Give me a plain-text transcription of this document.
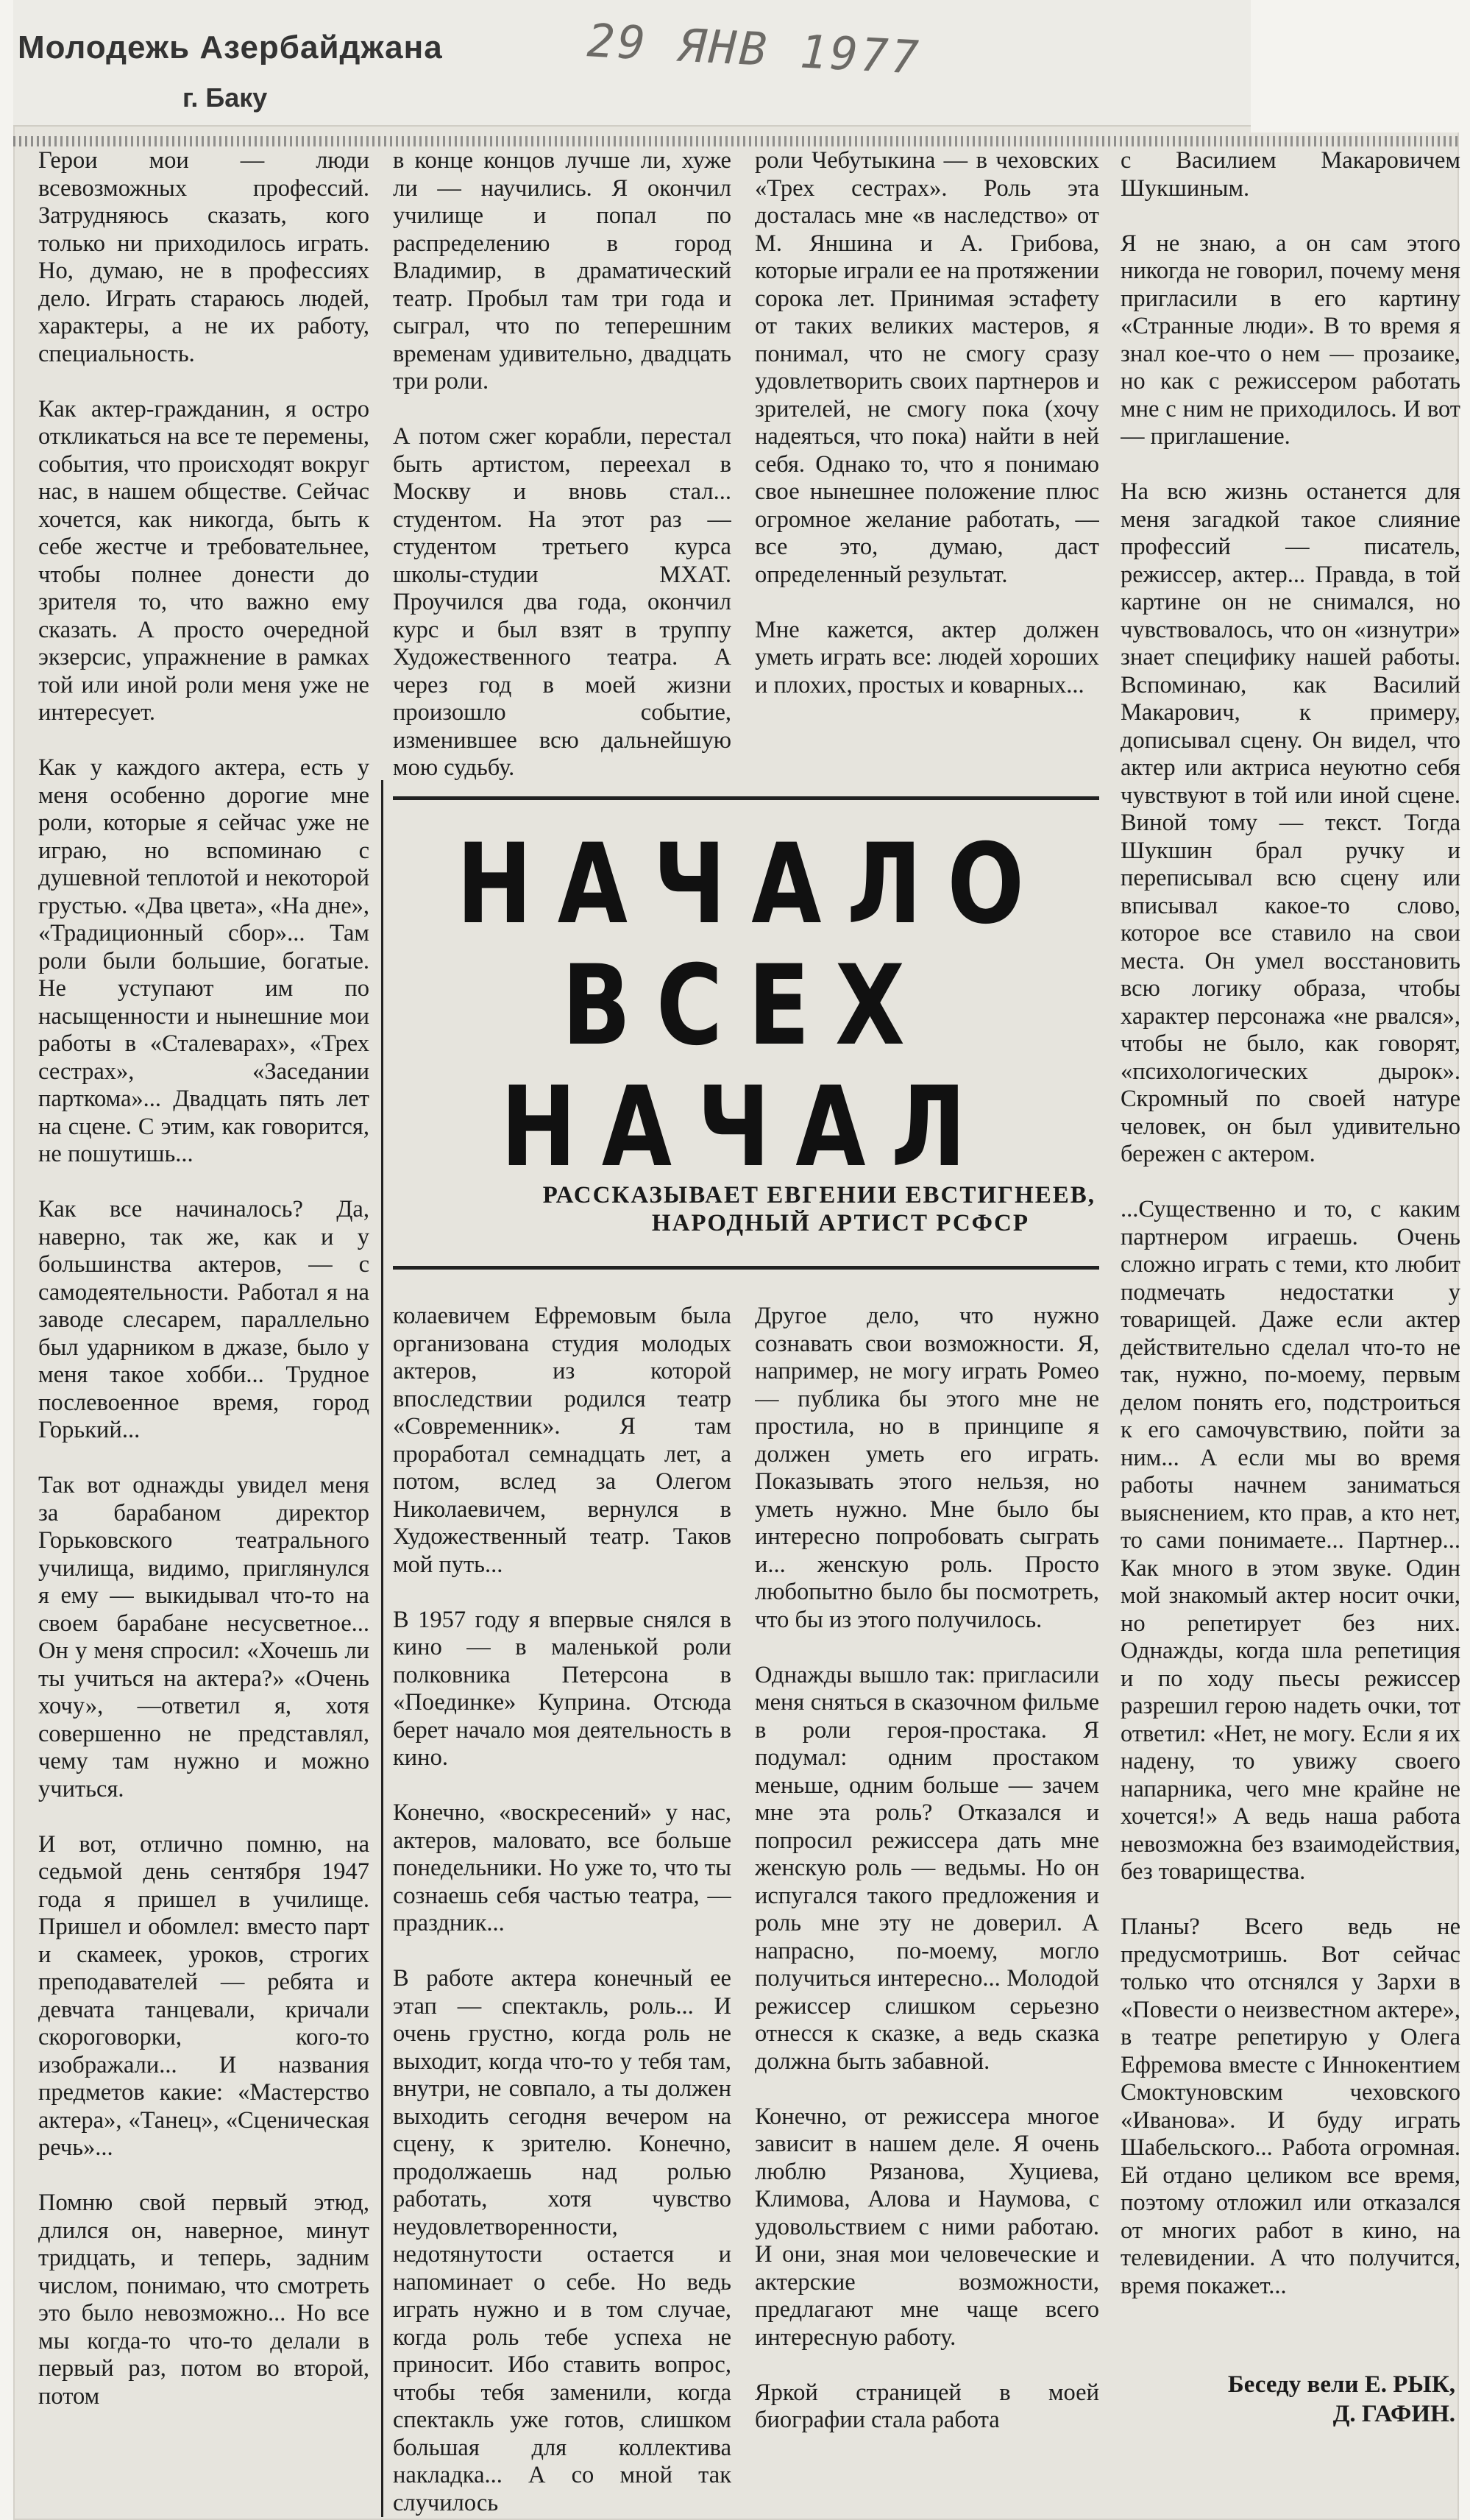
Молодежь Азербайджана
г. Баку
29 ЯНВ 1977
Герои мои — люди всевозможных профессий. Затрудняюсь сказать, кого только ни приходилось играть. Но, думаю, не в профессиях дело. Играть стараюсь людей, характеры, а не их работу, специальность.

Как актер-гражданин, я остро откликаться на все те перемены, события, что происходят вокруг нас, в нашем обществе. Сейчас хочется, как никогда, быть к себе жестче и требовательнее, чтобы полнее донести до зрителя то, что важно ему сказать. А просто очередной экзерсис, упражнение в рамках той или иной роли меня уже не интересует.

Как у каждого актера, есть у меня особенно дорогие мне роли, которые я сейчас уже не играю, но вспоминаю с душевной теплотой и некоторой грустью. «Два цвета», «На дне», «Традиционный сбор»... Там роли были большие, богатые. Не уступают им по насыщенности и нынешние мои работы в «Сталеварах», «Трех сестрах», «Заседании парткома»... Двадцать пять лет на сцене. С этим, как говорится, не пошутишь...

Как все начиналось? Да, наверно, так же, как и у большинства актеров, — с самодеятельности. Работал я на заводе слесарем, параллельно был ударником в джазе, было у меня такое хобби... Трудное послевоенное время, город Горький...

Так вот однажды увидел меня за барабаном директор Горьковского театрального училища, видимо, приглянулся я ему — выкидывал что-то на своем барабане несусветное... Он у меня спросил: «Хочешь ли ты учиться на актера?» «Очень хочу», —ответил я, хотя совершенно не представлял, чему там нужно и можно учиться.

И вот, отлично помню, на седьмой день сентября 1947 года я пришел в училище. Пришел и обомлел: вместо парт и скамеек, уроков, строгих преподавателей — ребята и девчата танцевали, кричали скороговорки, кого-то изображали... И названия предметов какие: «Мастерство актера», «Танец», «Сценическая речь»...

Помню свой первый этюд, длился он, наверное, минут тридцать, и теперь, задним числом, понимаю, что смотреть это было невозможно... Но все мы когда-то что-то делали в первый раз, потом во второй, потом
в конце концов лучше ли, хуже ли — научились. Я окончил училище и попал по распределению в город Владимир, в драматический театр. Пробыл там три года и сыграл, что по теперешним временам удивительно, двадцать три роли.

А потом сжег корабли, перестал быть артистом, переехал в Москву и вновь стал... студентом. На этот раз — студентом третьего курса школы-студии МХАТ. Проучился два года, окончил курс и был взят в труппу Художественного театра. А через год в моей жизни произошло событие, изменившее всю дальнейшую мою судьбу.

роли Чебутыкина — в чеховских «Трех сестрах». Роль эта досталась мне «в наследство» от М. Яншина и А. Грибова, которые играли ее на протяжении сорока лет. Принимая эстафету от таких великих мастеров, я понимал, что не смогу сразу удовлетворить своих партнеров и зрителей, не смогу пока (хочу надеяться, что пока) найти в ней себя. Однако то, что я понимаю свое нынешнее положение плюс огромное желание работать, — все это, думаю, даст определенный результат.

Мне кажется, актер должен уметь играть все: людей хороших и плохих, простых и коварных...
с Василием Макаровичем Шукшиным.

Я не знаю, а он сам этого никогда не говорил, почему меня пригласили в его картину «Странные люди». В то время я знал кое-что о нем — прозаике, но как с режиссером работать мне с ним не приходилось. И вот — приглашение.

На всю жизнь останется для меня загадкой такое слияние профессий — писатель, режиссер, актер... Правда, в той картине он не снимался, но чувствовалось, что он «изнутри» знает специфику нашей работы. Вспоминаю, как Василий Макарович, к примеру, дописывал сцену. Он видел, что актер или актриса неуютно себя чувствуют в той или иной сцене. Виной тому — текст. Тогда Шукшин брал ручку и переписывал всю сцену или вписывал какое-то слово, которое все ставило на свои места. Он умел восстановить всю логику образа, чтобы характер персонажа «не рвался», чтобы не было, как говорят, «психологических дырок». Скромный по своей натуре человек, он был удивительно бережен с актером.

...Существенно и то, с каким партнером играешь. Очень сложно играть с теми, кто любит подмечать недостатки у товарищей. Даже если актер действительно сделал что-то не так, нужно, по-моему, первым делом понять его, подстроиться к его самочувствию, пойти за ним... А если мы во время работы начнем заниматься выяснением, кто прав, а кто нет, то сами понимаете... Партнер... Как много в этом звуке. Один мой знакомый актер носит очки, но репетирует без них. Однажды, когда шла репетиция и по ходу пьесы режиссер разрешил герою надеть очки, тот ответил: «Нет, не могу. Если я их надену, то увижу своего напарника, чего мне крайне не хочется!» А ведь наша работа невозможна без взаимодействия, без товарищества.

Планы? Всего ведь не предусмотришь. Вот сейчас только что отснялся у Зархи в «Повести о неизвестном актере», в театре репетирую у Олега Ефремова вместе с Иннокентием Смоктуновским чеховского «Иванова». И буду играть Шабельского... Работа огромная. Ей отдано целиком все время, поэтому отложил или отказался от многих работ в кино, на телевидении. А что получится, время покажет...
НАЧАЛО
ВСЕХ
НАЧАЛ
РАССКАЗЫВАЕТ ЕВГЕНИИ ЕВСТИГНЕЕВ,
НАРОДНЫЙ АРТИСТ РСФСР
колаевичем Ефремовым была организована студия молодых актеров, из которой впоследствии родился театр «Современник». Я там проработал семнадцать лет, а потом, вслед за Олегом Николаевичем, вернулся в Художественный театр. Таков мой путь...

В 1957 году я впервые снялся в кино — в маленькой роли полковника Петерсона в «Поединке» Куприна. Отсюда берет начало моя деятельность в кино.

Конечно, «воскресений» у нас, актеров, маловато, все больше понедельники. Но уже то, что ты сознаешь себя частью театра, — праздник...

В работе актера конечный ее этап — спектакль, роль... И очень грустно, когда роль не выходит, когда что-то у тебя там, внутри, не совпало, а ты должен выходить сегодня вечером на сцену, к зрителю. Конечно, продолжаешь над ролью работать, хотя чувство неудовлетворенности, недотянутости остается и напоминает о себе. Но ведь играть нужно и в том случае, когда роль тебе успеха не приносит. Ибо ставить вопрос, чтобы тебя заменили, когда спектакль уже готов, слишком большая для коллектива накладка... А со мной так случилось
Другое дело, что нужно сознавать свои возможности. Я, например, не могу играть Ромео — публика бы этого мне не простила, но в принципе я должен уметь его играть. Показывать этого нельзя, но уметь нужно. Мне было бы интересно попробовать сыграть и... женскую роль. Просто любопытно было бы посмотреть, что бы из этого получилось.

Однажды вышло так: пригласили меня сняться в сказочном фильме в роли героя-простака. Я подумал: одним простаком меньше, одним больше — зачем мне эта роль? Отказался и попросил режиссера дать мне женскую роль — ведьмы. Но он испугался такого предложения и роль мне эту не доверил. А напрасно, по-моему, могло получиться интересно... Молодой режиссер слишком серьезно отнесся к сказке, а ведь сказка должна быть забавной.

Конечно, от режиссера многое зависит в нашем деле. Я очень люблю Рязанова, Хуциева, Климова, Алова и Наумова, с удовольствием с ними работаю. И они, зная мои человеческие и актерские возможности, предлагают мне чаще всего интересную работу.

Яркой страницей в моей биографии стала работа
Беседу вели Е. РЫК,
Д. ГАФИН.
